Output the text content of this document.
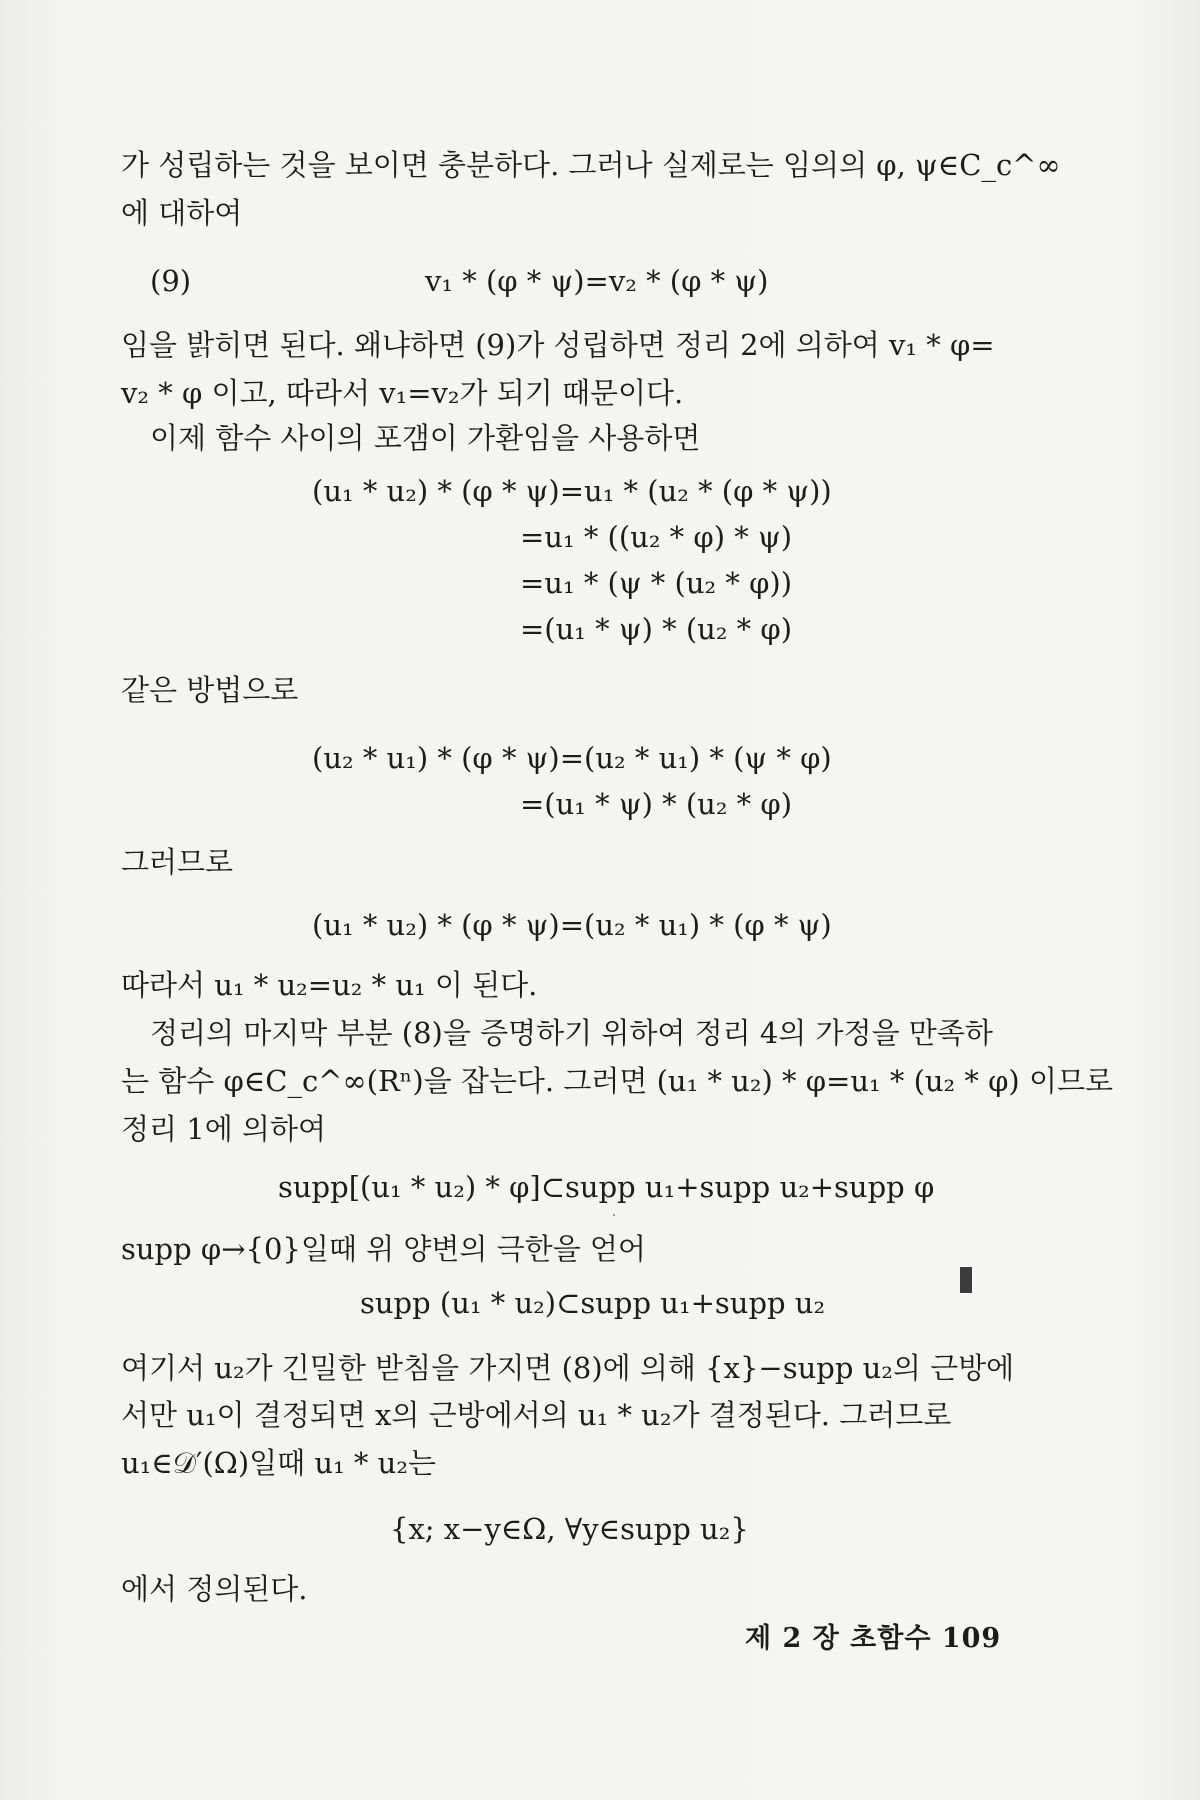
가 성립하는 것을 보이면 충분하다. 그러나 실제로는 임의의 φ, ψ∈C_c^∞
에 대하여
(9)	v₁ * (φ * ψ)=v₂ * (φ * ψ)
임을 밝히면 된다. 왜냐하면 (9)가 성립하면 정리 2에 의하여 v₁ * φ=
v₂ * φ 이고, 따라서 v₁=v₂가 되기 때문이다.
이제 함수 사이의 포갬이 가환임을 사용하면
(u₁ * u₂) * (φ * ψ)=u₁ * (u₂ * (φ * ψ))
=u₁ * ((u₂ * φ) * ψ)
=u₁ * (ψ * (u₂ * φ))
=(u₁ * ψ) * (u₂ * φ)
같은 방법으로
(u₂ * u₁) * (φ * ψ)=(u₂ * u₁) * (ψ * φ)
=(u₁ * ψ) * (u₂ * φ)
그러므로
(u₁ * u₂) * (φ * ψ)=(u₂ * u₁) * (φ * ψ)
따라서 u₁ * u₂=u₂ * u₁ 이 된다.
정리의 마지막 부분 (8)을 증명하기 위하여 정리 4의 가정을 만족하
는 함수 φ∈C_c^∞(Rⁿ)을 잡는다. 그러면 (u₁ * u₂) * φ=u₁ * (u₂ * φ) 이므로
정리 1에 의하여
supp[(u₁ * u₂) * φ]⊂supp u₁+supp u₂+supp φ
supp φ→{0}일때 위 양변의 극한을 얻어
supp (u₁ * u₂)⊂supp u₁+supp u₂
여기서 u₂가 긴밀한 받침을 가지면 (8)에 의해 {x}−supp u₂의 근방에
서만 u₁이 결정되면 x의 근방에서의 u₁ * u₂가 결정된다. 그러므로
u₁∈𝒟′(Ω)일때 u₁ * u₂는
{x; x−y∈Ω, ∀y∈supp u₂}
에서 정의된다.
제 2 장 초함수 109
